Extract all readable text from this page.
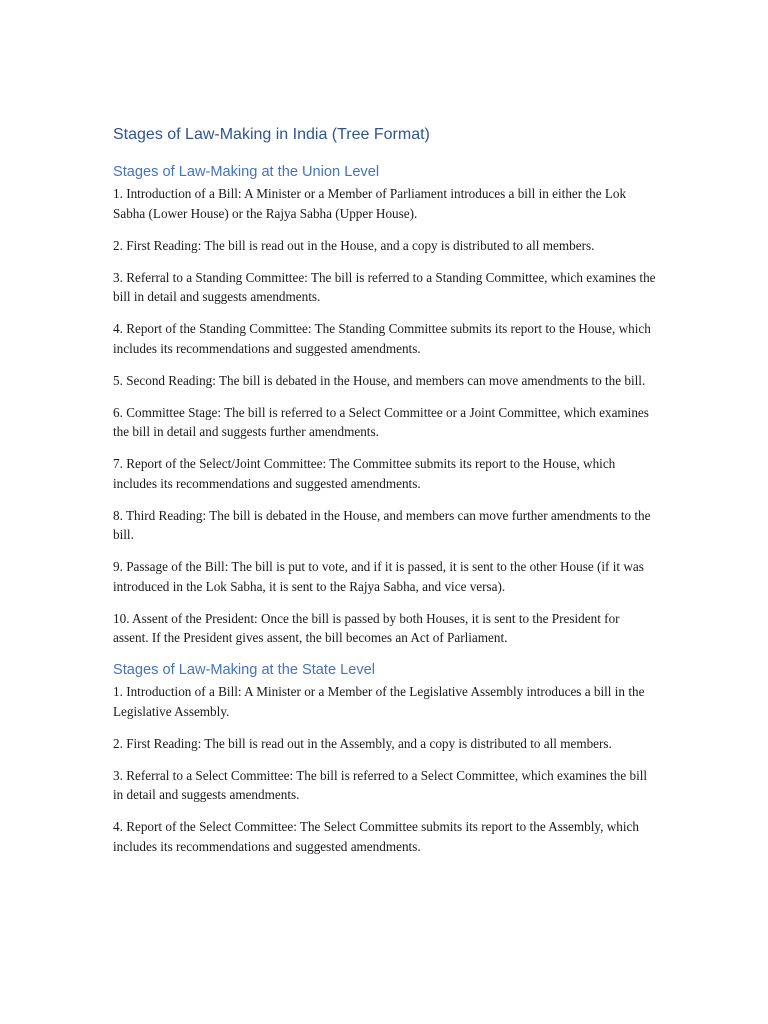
Stages of Law-Making in India (Tree Format)
Stages of Law-Making at the Union Level

1. Introduction of a Bill: A Minister or a Member of Parliament introduces a bill in either the Lok Sabha (Lower House) or the Rajya Sabha (Upper House).

2. First Reading: The bill is read out in the House, and a copy is distributed to all members.

3. Referral to a Standing Committee: The bill is referred to a Standing Committee, which examines the bill in detail and suggests amendments.

4. Report of the Standing Committee: The Standing Committee submits its report to the House, which includes its recommendations and suggested amendments.

5. Second Reading: The bill is debated in the House, and members can move amendments to the bill.

6. Committee Stage: The bill is referred to a Select Committee or a Joint Committee, which examines the bill in detail and suggests further amendments.

7. Report of the Select/Joint Committee: The Committee submits its report to the House, which includes its recommendations and suggested amendments.

8. Third Reading: The bill is debated in the House, and members can move further amendments to the bill.

9. Passage of the Bill: The bill is put to vote, and if it is passed, it is sent to the other House (if it was introduced in the Lok Sabha, it is sent to the Rajya Sabha, and vice versa).

10. Assent of the President: Once the bill is passed by both Houses, it is sent to the President for assent. If the President gives assent, the bill becomes an Act of Parliament.

Stages of Law-Making at the State Level

1. Introduction of a Bill: A Minister or a Member of the Legislative Assembly introduces a bill in the Legislative Assembly.

2. First Reading: The bill is read out in the Assembly, and a copy is distributed to all members.

3. Referral to a Select Committee: The bill is referred to a Select Committee, which examines the bill in detail and suggests amendments.

4. Report of the Select Committee: The Select Committee submits its report to the Assembly, which includes its recommendations and suggested amendments.
